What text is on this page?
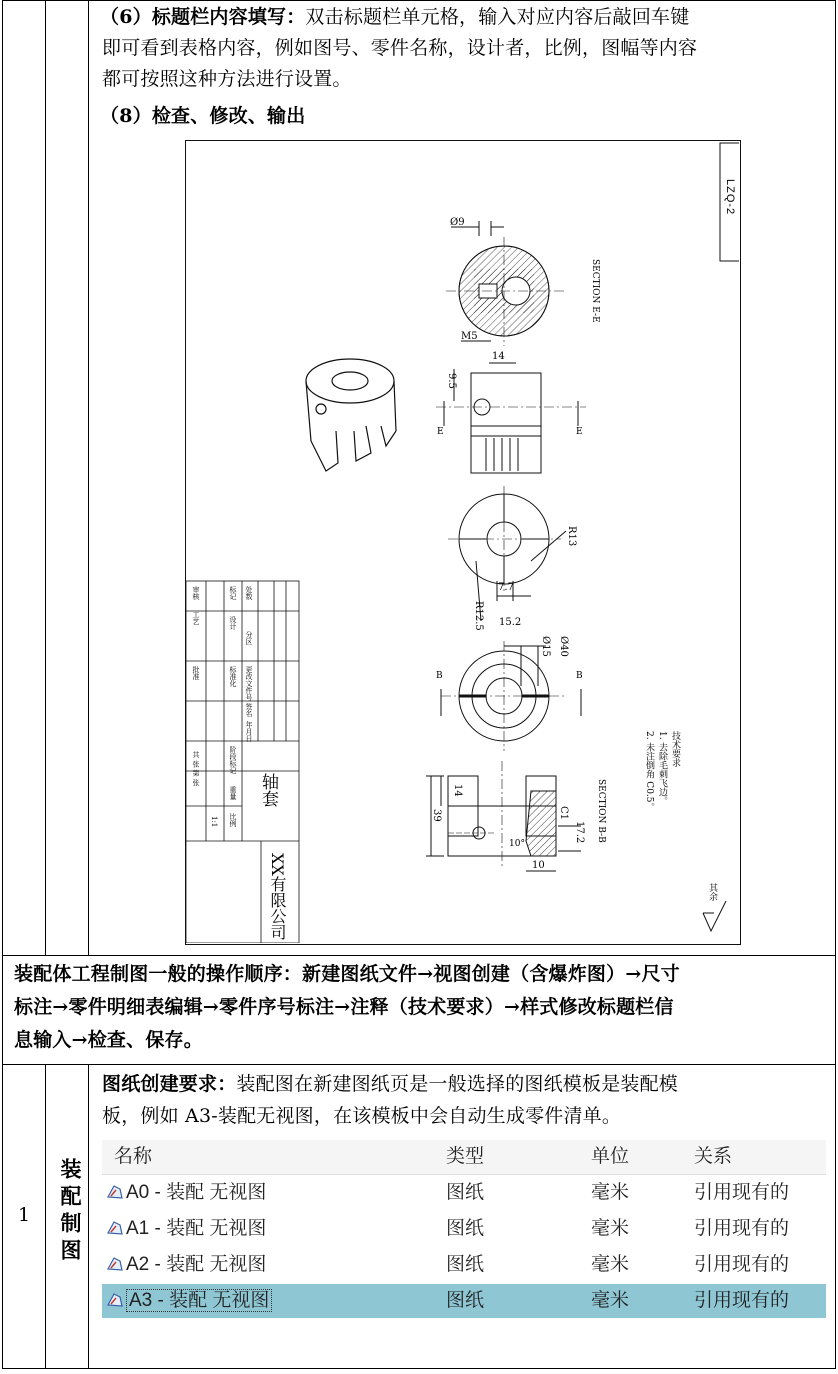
（6）标题栏内容填写：双击标题栏单元格，输入对应内容后敲回车键
即可看到表格内容，例如图号、零件名称，设计者，比例，图幅等内容
都可按照这种方法进行设置。
（8）检查、修改、输出
LZQ-2
SECTION E-E
SECTION B-B
Ø9
M5
14
9.5
R13
7.7
R12.5 15.2
Ø15 Ø40
14
39	C1
17.2
10
10°
E	E
B	B
技术要求
1. 去除毛刺飞边。
2. 未注倒角 C0.5。
其余
标记
设计
处数
分区
更改文件号
标准化
签名
年月日
审核
工艺
批准
阶段标记
重量
比例
1:1
共 张 第 张
轴套
XX有限公司
装配体工程制图一般的操作顺序：新建图纸文件→视图创建（含爆炸图）→尺寸
标注→零件明细表编辑→零件序号标注→注释（技术要求）→样式修改标题栏信
息输入→检查、保存。
1 装配制图
图纸创建要求：装配图在新建图纸页是一般选择的图纸模板是装配模
板，例如 A3-装配无视图，在该模板中会自动生成零件清单。
名称	类型	单位	关系
A0 - 装配 无视图	图纸	毫米	引用现有的
A1 - 装配 无视图	图纸	毫米	引用现有的
A2 - 装配 无视图	图纸	毫米	引用现有的
A3 - 装配 无视图	图纸	毫米	引用现有的
